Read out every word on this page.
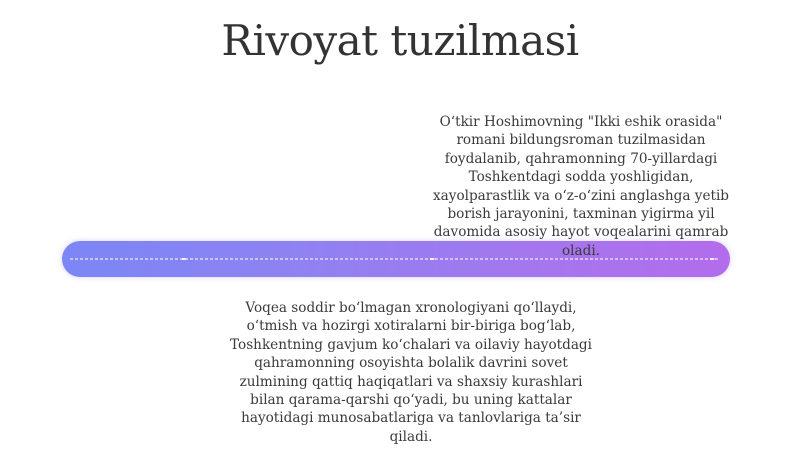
Rivoyat tuzilmasi
O‘tkir Hoshimovning "Ikki eshik orasida" romani bildungsroman tuzilmasidan foydalanib, qahramonning 70-yillardagi Toshkentdagi sodda yoshligidan, xayolparastlik va o‘z-o‘zini anglashga yetib borish jarayonini, taxminan yigirma yil davomida asosiy hayot voqealarini qamrab oladi.
Voqea soddir bo‘lmagan xronologiyani qo‘llaydi, o‘tmish va hozirgi xotiralarni bir-biriga bog‘lab, Toshkentning gavjum ko‘chalari va oilaviy hayotdagi qahramonning osoyishta bolalik davrini sovet zulmining qattiq haqiqatlari va shaxsiy kurashlari bilan qarama-qarshi qo‘yadi, bu uning kattalar hayotidagi munosabatlariga va tanlovlariga ta’sir qiladi.
